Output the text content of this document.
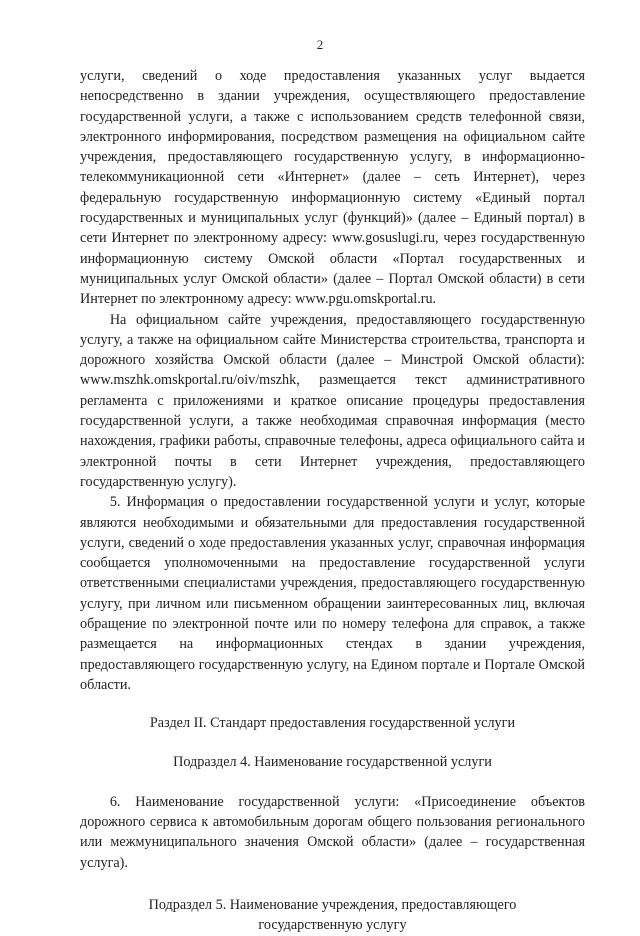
2

услуги, сведений о ходе предоставления указанных услуг выдается непосредственно в здании учреждения, осуществляющего предоставление государственной услуги, а также с использованием средств телефонной связи, электронного информирования, посредством размещения на официальном сайте учреждения, предоставляющего государственную услугу, в информационно-телекоммуникационной сети «Интернет» (далее – сеть Интернет), через федеральную государственную информационную систему «Единый портал государственных и муниципальных услуг (функций)» (далее – Единый портал) в сети Интернет по электронному адресу: www.gosuslugi.ru, через государственную информационную систему Омской области «Портал государственных и муниципальных услуг Омской области» (далее – Портал Омской области) в сети Интернет по электронному адресу: www.pgu.omskportal.ru.

На официальном сайте учреждения, предоставляющего государственную услугу, а также на официальном сайте Министерства строительства, транспорта и дорожного хозяйства Омской области (далее – Минстрой Омской области): www.mszhk.omskportal.ru/oiv/mszhk, размещается текст административного регламента с приложениями и краткое описание процедуры предоставления государственной услуги, а также необходимая справочная информация (место нахождения, графики работы, справочные телефоны, адреса официального сайта и электронной почты в сети Интернет учреждения, предоставляющего государственную услугу).

5. Информация о предоставлении государственной услуги и услуг, которые являются необходимыми и обязательными для предоставления государственной услуги, сведений о ходе предоставления указанных услуг, справочная информация сообщается уполномоченными на предоставление государственной услуги ответственными специалистами учреждения, предоставляющего государственную услугу, при личном или письменном обращении заинтересованных лиц, включая обращение по электронной почте или по номеру телефона для справок, а также размещается на информационных стендах в здании учреждения, предоставляющего государственную услугу, на Едином портале и Портале Омской области.

Раздел II. Стандарт предоставления государственной услуги

Подраздел 4. Наименование государственной услуги

6. Наименование государственной услуги: «Присоединение объектов дорожного сервиса к автомобильным дорогам общего пользования регионального или межмуниципального значения Омской области» (далее – государственная услуга).

Подраздел 5. Наименование учреждения, предоставляющего
государственную услугу
